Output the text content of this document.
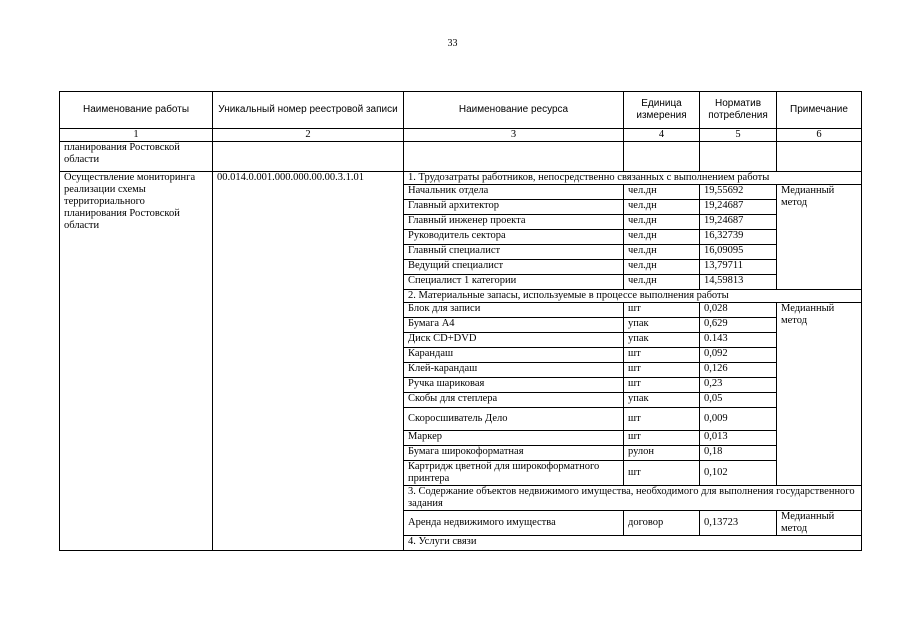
33
Наименование работы	Уникальный номер реестровой записи	Наименование ресурса	Единица измерения	Норматив потребления	Примечание
1	2	3	4	5	6
планирования Ростовской области					
Осуществление мониторинга реализации схемы территориального планирования Ростовской области	00.014.0.001.000.000.00.00.3.1.01	1. Трудозатраты работников, непосредственно связанных с выполнением работы			
		Начальник отдела	чел.дн	19,55692	Медианный метод
		Главный архитектор	чел.дн	19,24687	
		Главный инженер проекта	чел.дн	19,24687	
		Руководитель сектора	чел.дн	16,32739	
		Главный специалист	чел.дн	16,09095	
		Ведущий специалист	чел.дн	13,79711	
		Специалист 1 категории	чел.дн	14,59813	
		2. Материальные запасы, используемые в процессе выполнения работы			
		Блок для записи	шт	0,028	Медианный метод
		Бумага А4	упак	0,629	
		Диск CD+DVD	упак	0.143	
		Карандаш	шт	0,092	
		Клей-карандаш	шт	0,126	
		Ручка шариковая	шт	0,23	
		Скобы для степлера	упак	0,05	
		Скоросшиватель Дело	шт	0,009	
		Маркер	шт	0,013	
		Бумага широкоформатная	рулон	0,18	
		Картридж цветной для широкоформатного принтера	шт	0,102	
		3. Содержание объектов недвижимого имущества, необходимого для выполнения государственного задания			
		Аренда недвижимого имущества	договор	0,13723	Медианный метод
		4. Услуги связи			
